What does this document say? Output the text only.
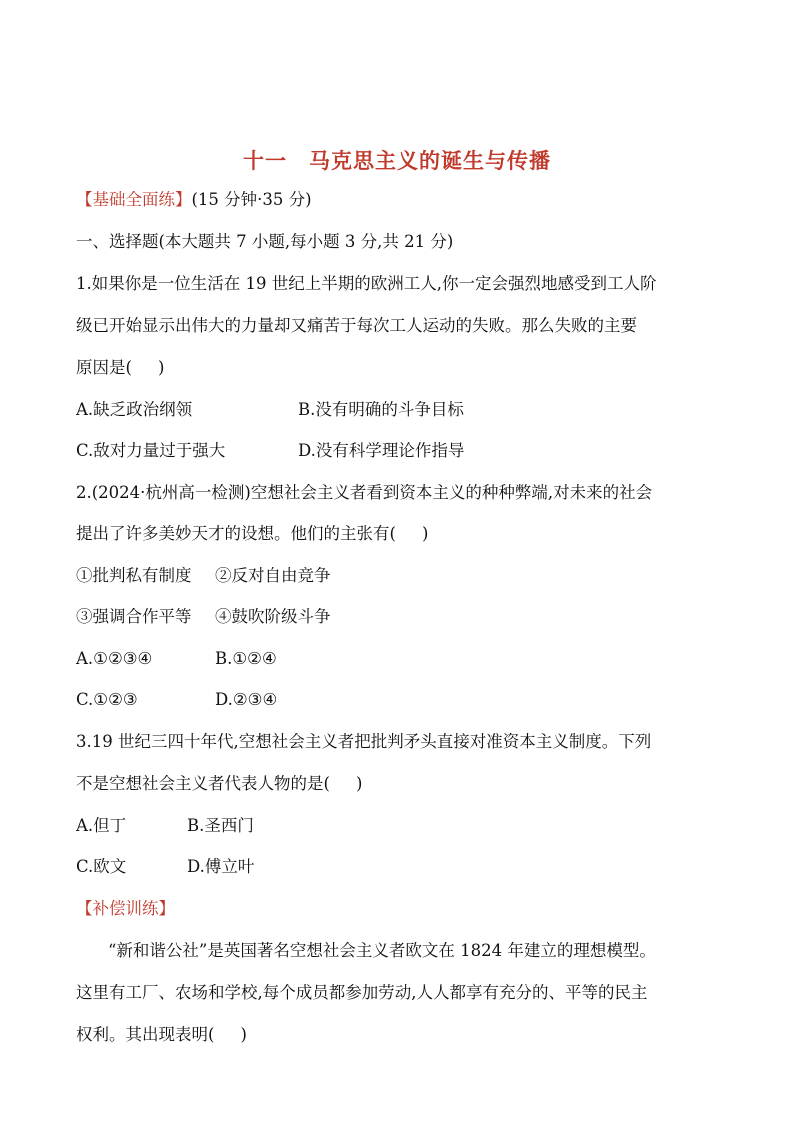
十一 马克思主义的诞生与传播
【基础全面练】(15 分钟·35 分)
一、选择题(本大题共 7 小题,每小题 3 分,共 21 分)
1.如果你是一位生活在 19 世纪上半期的欧洲工人,你一定会强烈地感受到工人阶
级已开始显示出伟大的力量却又痛苦于每次工人运动的失败。那么失败的主要
原因是( )
A.缺乏政治纲领	B.没有明确的斗争目标
C.敌对力量过于强大	D.没有科学理论作指导
2.(2024·杭州高一检测)空想社会主义者看到资本主义的种种弊端,对未来的社会
提出了许多美妙天才的设想。他们的主张有( )
①批判私有制度 ②反对自由竞争
③强调合作平等 ④鼓吹阶级斗争
A.①②③④	B.①②④
C.①②③	D.②③④
3.19 世纪三四十年代,空想社会主义者把批判矛头直接对准资本主义制度。下列
不是空想社会主义者代表人物的是( )
A.但丁	B.圣西门
C.欧文	D.傅立叶
【补偿训练】
“新和谐公社”是英国著名空想社会主义者欧文在 1824 年建立的理想模型。
这里有工厂、农场和学校,每个成员都参加劳动,人人都享有充分的、平等的民主
权利。其出现表明( )
